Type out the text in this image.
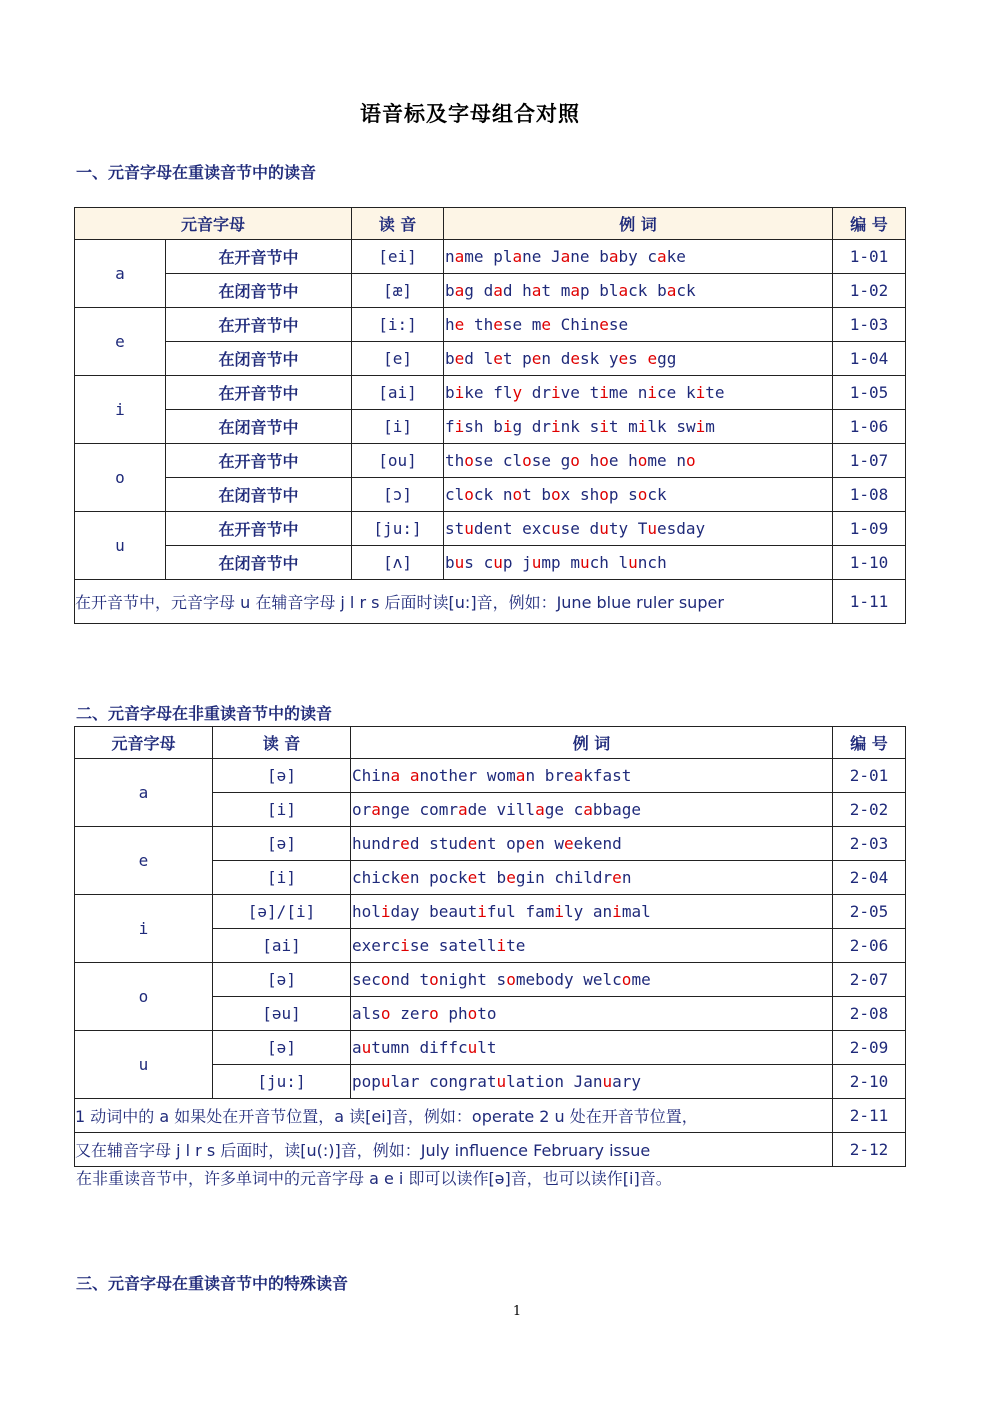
语音标及字母组合对照
一、元音字母在重读音节中的读音
元音字母		读 音	例 词	编 号
a	在开音节中	[ei]	name plane Jane baby cake	1-01
	在闭音节中	[æ]	bag dad hat map black back	1-02
e	在开音节中	[i:]	he these me Chinese	1-03
	在闭音节中	[e]	bed let pen desk yes egg	1-04
i	在开音节中	[ai]	bike fly drive time nice kite	1-05
	在闭音节中	[i]	fish big drink sit milk swim	1-06
o	在开音节中	[ou]	those close go hoe home no	1-07
	在闭音节中	[ɔ]	clock not box shop sock	1-08
u	在开音节中	[ju:]	student excuse duty Tuesday	1-09
	在闭音节中	[ʌ]	bus cup jump much lunch	1-10
在开音节中，元音字母 u 在辅音字母 j l r s 后面时读[u:]音，例如：June blue ruler super				1-11
二、元音字母在非重读音节中的读音
元音字母	读 音	例 词	编 号
a	[ə]	China another woman breakfast	2-01
	[i]	orange comrade village cabbage	2-02
e	[ə]	hundred student open weekend	2-03
	[i]	chicken pocket begin children	2-04
i	[ə]/[i]	holiday beautiful family animal	2-05
	[ai]	exercise satellite	2-06
o	[ə]	second tonight somebody welcome	2-07
	[əu]	also zero photo	2-08
u	[ə]	autumn diffcult	2-09
	[ju:]	popular congratulation January	2-10
1 动词中的 a 如果处在开音节位置，a 读[ei]音，例如：operate 2 u 处在开音节位置，			2-11
又在辅音字母 j l r s 后面时，读[u(:)]音，例如：July influence February issue			2-12
在非重读音节中，许多单词中的元音字母 a e i 即可以读作[ə]音，也可以读作[i]音。
三、元音字母在重读音节中的特殊读音
1
